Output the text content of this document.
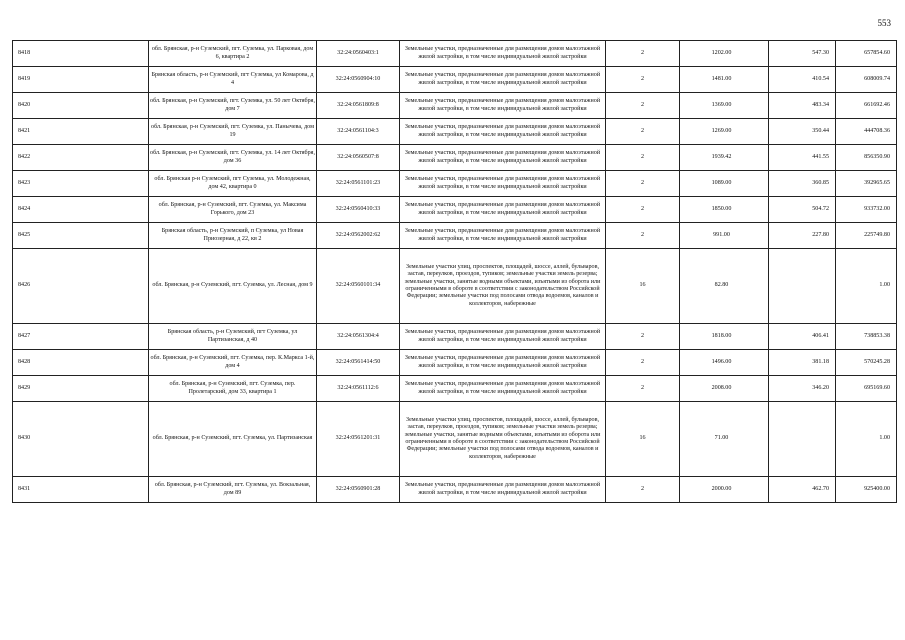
553
8418	обл. Брянская, р-н Суземский, пгт. Суземка, ул. Парковая, дом 6, квартира 2	32:24:0560403:1	Земельные участки, предназначенные для размещения домов малоэтажной жилой застройки, в том числе индивидуальной жилой застройки	2	1202.00	547.30	657854.60
8419	Брянская область, р-н Суземский, пгт Суземка, ул Комарова, д 4	32:24:0560904:10	Земельные участки, предназначенные для размещения домов малоэтажной жилой застройки, в том числе индивидуальной жилой застройки	2	1481.00	410.54	608009.74
8420	обл. Брянская, р-н Суземский, пгт. Суземка, ул. 50 лет Октября, дом 7	32:24:0561809:8	Земельные участки, предназначенные для размещения домов малоэтажной жилой застройки, в том числе индивидуальной жилой застройки	2	1369.00	483.34	661692.46
8421	обл. Брянская, р-н Суземский, пгт. Суземка, ул. Панычева, дом 19	32:24:0561104:3	Земельные участки, предназначенные для размещения домов малоэтажной жилой застройки, в том числе индивидуальной жилой застройки	2	1269.00	350.44	444708.36
8422	обл. Брянская, р-н Суземский, пгт. Суземка, ул. 14 лет Октября, дом 36	32:24:0560507:8	Земельные участки, предназначенные для размещения домов малоэтажной жилой застройки, в том числе индивидуальной жилой застройки	2	1939.42	441.55	856350.90
8423	обл. Брянская р-н Суземский, пгт Суземка, ул. Молодежная, дом 42, квартира 0	32:24:0561101:23	Земельные участки, предназначенные для размещения домов малоэтажной жилой застройки, в том числе индивидуальной жилой застройки	2	1089.00	360.85	392965.65
8424	обл. Брянская, р-н Суземский, пгт. Суземка, ул. Максима Горького, дом 23	32:24:0560410:33	Земельные участки, предназначенные для размещения домов малоэтажной жилой застройки, в том числе индивидуальной жилой застройки	2	1850.00	504.72	933732.00
8425	Брянская область, р-н Суземский, п Суземка, ул Новая Приозерная, д 22, кв 2	32:24:0562002:62	Земельные участки, предназначенные для размещения домов малоэтажной жилой застройки, в том числе индивидуальной жилой застройки	2	991.00	227.80	225749.80
8426	обл. Брянская, р-н Суземский, пгт. Суземка, ул. Лесная, дом 9	32:24:0560101:34	Земельные участки улиц, проспектов, площадей, шоссе, аллей, бульваров, застав, переулков, проездов, тупиков; земельные участки земель резерва; земельные участки, занятые водными объектами, изъятыми из оборота или ограниченными в обороте в соответствии с законодательством Российской Федерации; земельные участки под полосами отвода водоемов, каналов и коллекторов, набережные	16	82.80		1.00
8427	Брянская область, р-н Суземский, пгт Суземка, ул Партизанская, д 40	32:24:0561304:4	Земельные участки, предназначенные для размещения домов малоэтажной жилой застройки, в том числе индивидуальной жилой застройки	2	1818.00	406.41	738853.38
8428	обл. Брянская, р-н Суземский, пгт. Суземка, пер. К.Маркса 1-й, дом 4	32:24:0561414:50	Земельные участки, предназначенные для размещения домов малоэтажной жилой застройки, в том числе индивидуальной жилой застройки	2	1496.00	381.18	570245.28
8429	обл. Брянская, р-н Суземский, пгт. Суземка, пер. Пролетарский, дом 33, квартира 1	32:24:0561112:6	Земельные участки, предназначенные для размещения домов малоэтажной жилой застройки, в том числе индивидуальной жилой застройки	2	2008.00	346.20	695169.60
8430	обл. Брянская, р-н Суземский, пгт. Суземка, ул. Партизанская	32:24:0561201:31	Земельные участки улиц, проспектов, площадей, шоссе, аллей, бульваров, застав, переулков, проездов, тупиков; земельные участки земель резерва; земельные участки, занятые водными объектами, изъятыми из оборота или ограниченными в обороте в соответствии с законодательством Российской Федерации; земельные участки под полосами отвода водоемов, каналов и коллекторов, набережные	16	71.00		1.00
8431	обл. Брянская, р-н Суземский, пгт. Суземка, ул. Вокзальная, дом 89	32:24:0560901:28	Земельные участки, предназначенные для размещения домов малоэтажной жилой застройки, в том числе индивидуальной жилой застройки	2	2000.00	462.70	925400.00
